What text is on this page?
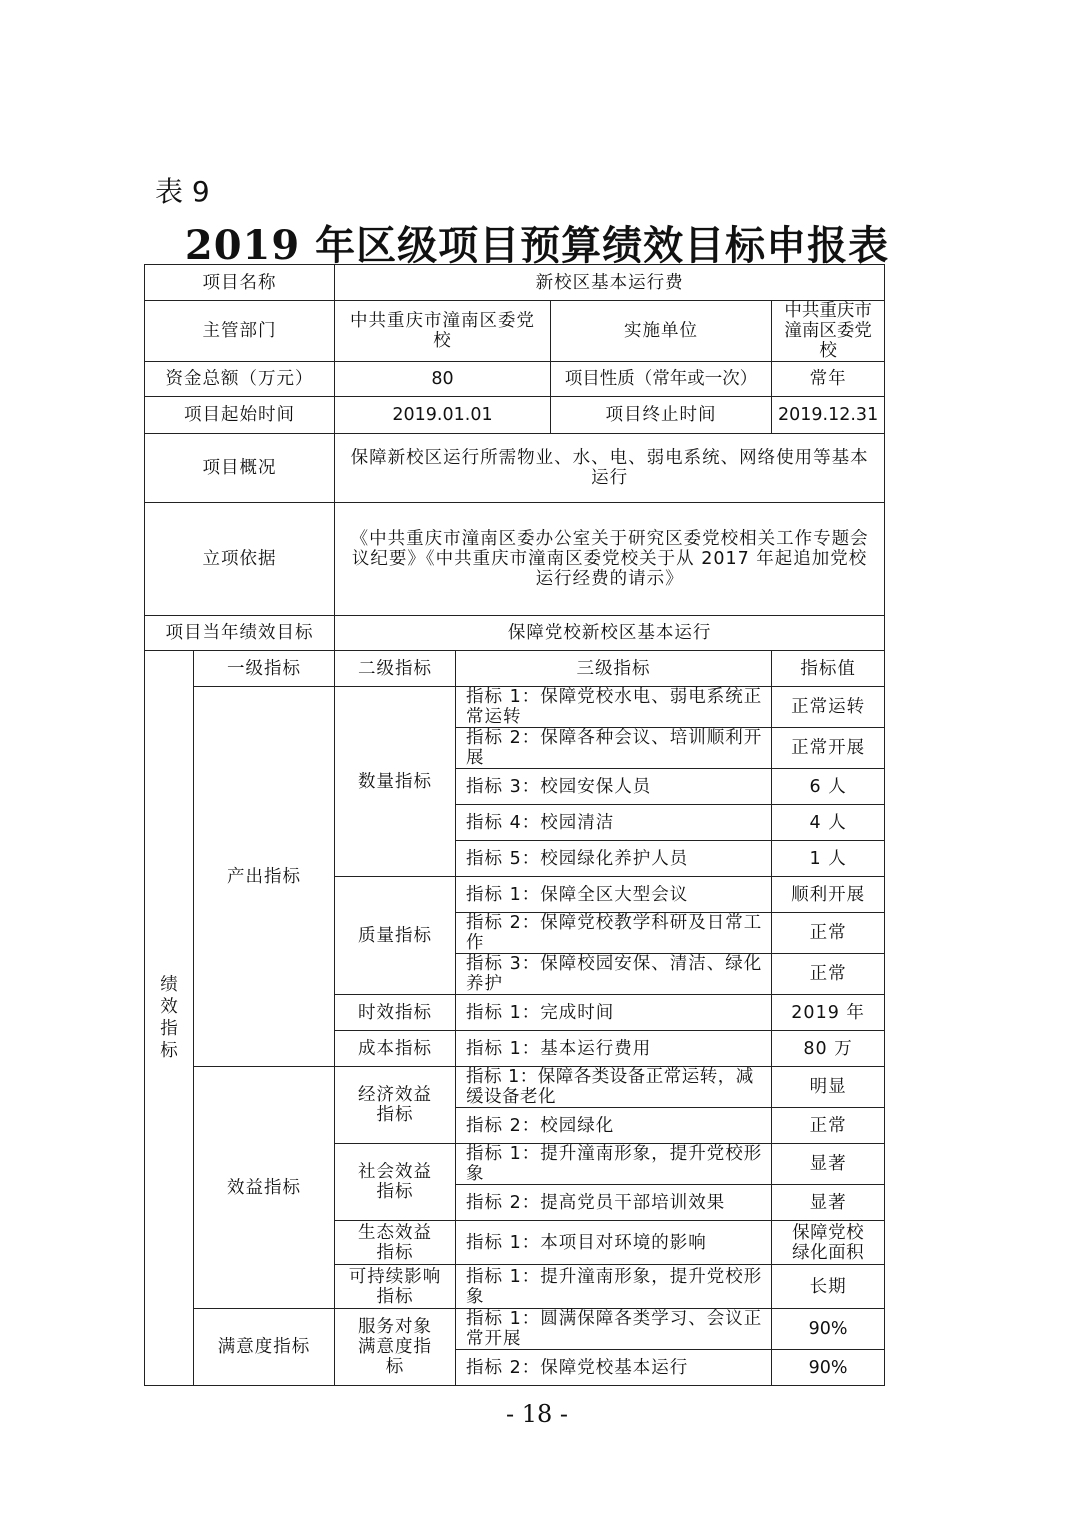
表 9
2019 年区级项目预算绩效目标申报表
项目名称		新校区基本运行费			
主管部门		中共重庆市潼南区委党校		实施单位	中共重庆市潼南区委党校
资金总额（万元）		80		项目性质（常年或一次）	常年
项目起始时间		2019.01.01		项目终止时间	2019.12.31
项目概况		保障新校区运行所需物业、水、电、弱电系统、网络使用等基本运行			
立项依据		《中共重庆市潼南区委办公室关于研究区委党校相关工作专题会议纪要》《中共重庆市潼南区委党校关于从 2017 年起追加党校运行经费的请示》			
项目当年绩效目标		保障党校新校区基本运行			
绩效指标	一级指标	二级指标	三级指标		指标值
	产出指标	数量指标	指标 1：保障党校水电、弱电系统正常运转		正常运转
			指标 2：保障各种会议、培训顺利开展		正常开展
			指标 3：校园安保人员		6 人
			指标 4：校园清洁		4 人
			指标 5：校园绿化养护人员		1 人
		质量指标	指标 1：保障全区大型会议		顺利开展
			指标 2：保障党校教学科研及日常工作		正常
			指标 3：保障校园安保、清洁、绿化养护		正常
		时效指标	指标 1：完成时间		2019 年
		成本指标	指标 1：基本运行费用		80 万
	效益指标	经济效益指标	指标 1：保障各类设备正常运转，减缓设备老化		明显
			指标 2：校园绿化		正常
		社会效益指标	指标 1：提升潼南形象，提升党校形象		显著
			指标 2：提高党员干部培训效果		显著
		生态效益指标	指标 1：本项目对环境的影响		保障党校绿化面积
		可持续影响指标	指标 1：提升潼南形象，提升党校形象		长期
	满意度指标	服务对象满意度指标	指标 1：圆满保障各类学习、会议正常开展		90%
			指标 2：保障党校基本运行		90%
- 18 -
